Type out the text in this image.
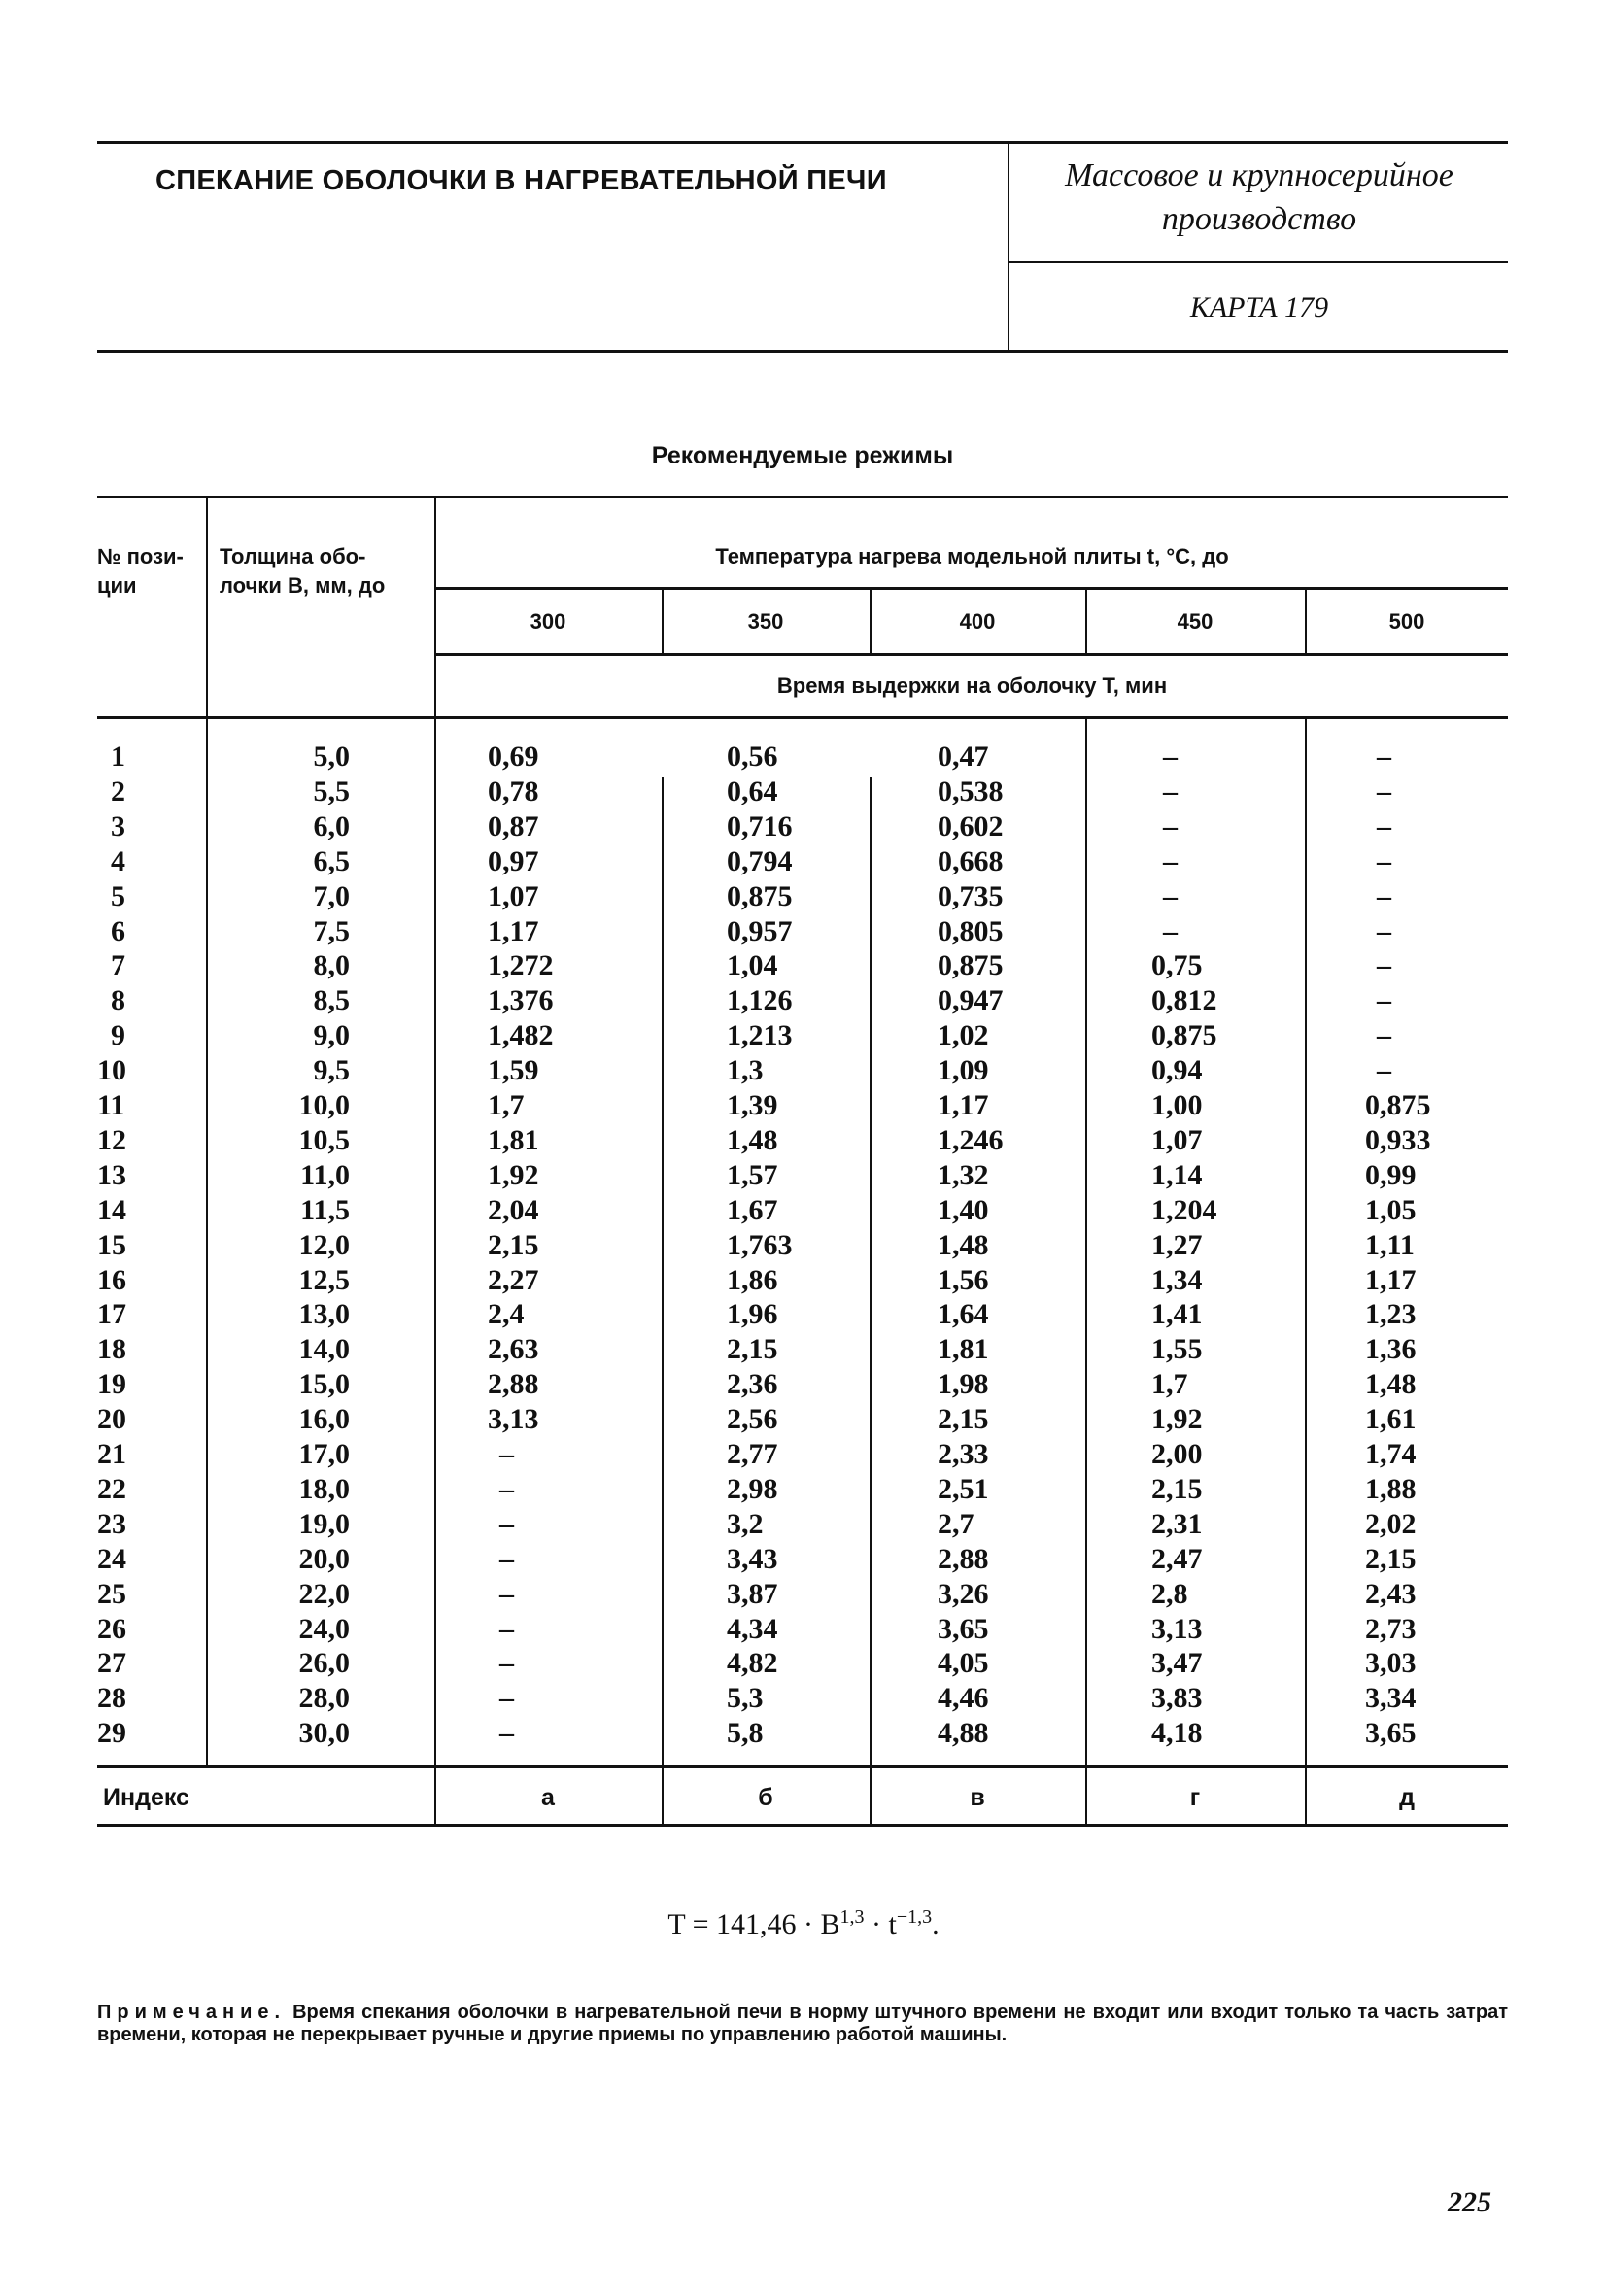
СПЕКАНИЕ ОБОЛОЧКИ В НАГРЕВАТЕЛЬНОЙ ПЕЧИ	Массовое и крупносерийное
производство
КАРТА 179
Рекомендуемые режимы
№ пози-
ции
Толщина обо-
лочки В, мм, до
Температура нагрева модельной плиты t, °С, до
Время выдержки на оболочку Т, мин
300	350	400	450	500
1	5,0	0,69	0,56	0,47	–	–
2	5,5	0,78	0,64	0,538	–	–
3	6,0	0,87	0,716	0,602	–	–
4	6,5	0,97	0,794	0,668	–	–
5	7,0	1,07	0,875	0,735	–	–
6	7,5	1,17	0,957	0,805	–	–
7	8,0	1,272	1,04	0,875	0,75	–
8	8,5	1,376	1,126	0,947	0,812	–
9	9,0	1,482	1,213	1,02	0,875	–
10	9,5	1,59	1,3	1,09	0,94	–
11	10,0	1,7	1,39	1,17	1,00	0,875
12	10,5	1,81	1,48	1,246	1,07	0,933
13	11,0	1,92	1,57	1,32	1,14	0,99
14	11,5	2,04	1,67	1,40	1,204	1,05
15	12,0	2,15	1,763	1,48	1,27	1,11
16	12,5	2,27	1,86	1,56	1,34	1,17
17	13,0	2,4	1,96	1,64	1,41	1,23
18	14,0	2,63	2,15	1,81	1,55	1,36
19	15,0	2,88	2,36	1,98	1,7	1,48
20	16,0	3,13	2,56	2,15	1,92	1,61
21	17,0	–	2,77	2,33	2,00	1,74
22	18,0	–	2,98	2,51	2,15	1,88
23	19,0	–	3,2	2,7	2,31	2,02
24	20,0	–	3,43	2,88	2,47	2,15
25	22,0	–	3,87	3,26	2,8	2,43
26	24,0	–	4,34	3,65	3,13	2,73
27	26,0	–	4,82	4,05	3,47	3,03
28	28,0	–	5,3	4,46	3,83	3,34
29	30,0	–	5,8	4,88	4,18	3,65
Индекс	а	б	в	г	д
$T = 141,46 \cdot B^{1,3} \cdot t^{-1,3}$.
Примечание. Время спекания оболочки в нагревательной печи в норму штучного времени не входит или входит только та часть затрат времени, которая не перекрывает ручные и другие приемы по управлению работой машины.
225
